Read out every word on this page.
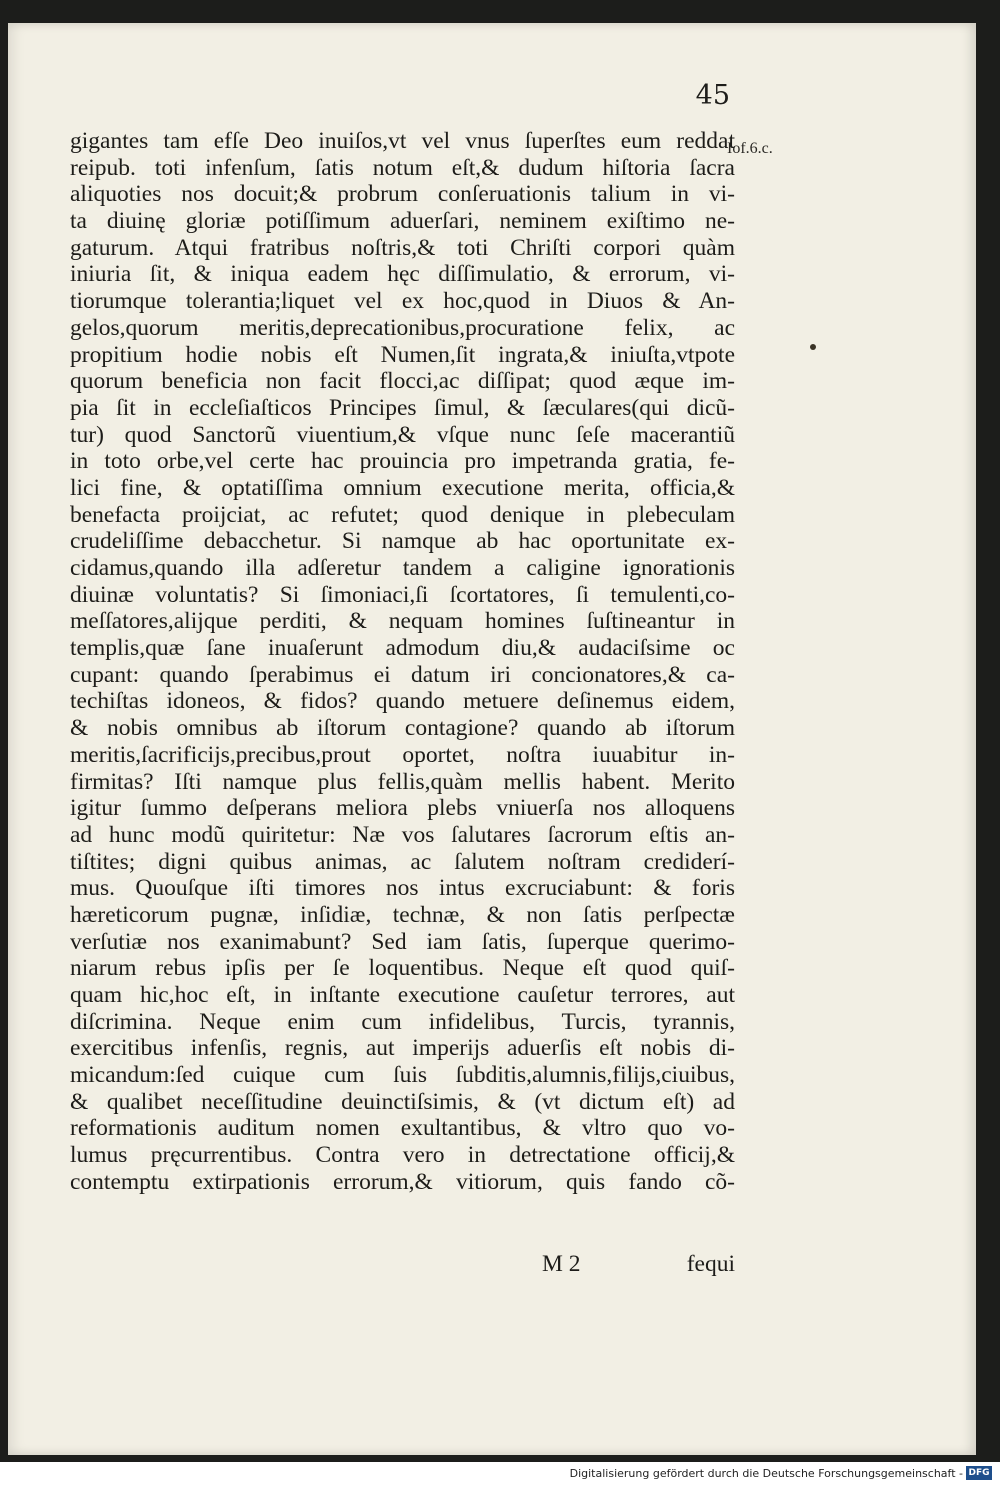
45
Iof.6.c.
gigantes tam efſe Deo inuiſos,vt vel vnus ſuperſtes eum reddat
reipub. toti infenſum, ſatis notum eſt,& dudum hiſtoria ſacra
aliquoties nos docuit;& probrum conſeruationis talium in vi-
ta diuinę gloriæ potiſſimum aduerſari, neminem exiſtimo ne-
gaturum. Atqui fratribus noſtris,& toti Chriſti corpori quàm
iniuria ſit, & iniqua eadem hęc diſſimulatio, & errorum, vi-
tiorumque tolerantia;liquet vel ex hoc,quod in Diuos & An-
gelos,quorum meritis,deprecationibus,procuratione felix, ac
propitium hodie nobis eſt Numen,ſit ingrata,& iniuſta,vtpote
quorum beneficia non facit flocci,ac diſſipat; quod æque im-
pia ſit in eccleſiaſticos Principes ſimul, & ſæculares(qui dicũ-
tur) quod Sanctorũ viuentium,& vſque nunc ſeſe macerantiũ
in toto orbe,vel certe hac prouincia pro impetranda gratia, fe-
lici fine, & optatiſſima omnium executione merita, officia,&
benefacta proijciat, ac refutet; quod denique in plebeculam
crudeliſſime debacchetur. Si namque ab hac oportunitate ex-
cidamus,quando illa adſeretur tandem a caligine ignorationis
diuinæ voluntatis? Si ſimoniaci,ſi ſcortatores, ſi temulenti,co-
meſſatores,alijque perditi, & nequam homines ſuſtineantur in
templis,quæ ſane inuaſerunt admodum diu,& audaciſsime oc
cupant: quando ſperabimus ei datum iri concionatores,& ca-
techiſtas idoneos, & fidos? quando metuere deſinemus eidem,
& nobis omnibus ab iſtorum contagione? quando ab iſtorum
meritis,ſacrificijs,precibus,prout oportet, noſtra iuuabitur in-
firmitas? Iſti namque plus fellis,quàm mellis habent. Merito
igitur ſummo deſperans meliora plebs vniuerſa nos alloquens
ad hunc modũ quiritetur: Næ vos ſalutares ſacrorum eſtis an-
tiſtites; digni quibus animas, ac ſalutem noſtram crediderí-
mus. Quouſque iſti timores nos intus excruciabunt: & foris
hæreticorum pugnæ, inſidiæ, technæ, & non ſatis perſpectæ
verſutiæ nos exanimabunt? Sed iam ſatis, ſuperque querimo-
niarum rebus ipſis per ſe loquentibus. Neque eſt quod quiſ-
quam hic,hoc eſt, in inſtante executione cauſetur terrores, aut
diſcrimina. Neque enim cum infidelibus, Turcis, tyrannis,
exercitibus infenſis, regnis, aut imperijs aduerſis eſt nobis di-
micandum:ſed cuique cum ſuis ſubditis,alumnis,filijs,ciuibus,
& qualibet neceſſitudine deuinctiſsimis, & (vt dictum eſt) ad
reformationis auditum nomen exultantibus, & vltro quo vo-
lumus pręcurrentibus. Contra vero in detrectatione officij,&
contemptu extirpationis errorum,& vitiorum, quis fando cõ-
M 2	fequi
Digitalisierung gefördert durch die Deutsche Forschungsgemeinschaft - DFG
